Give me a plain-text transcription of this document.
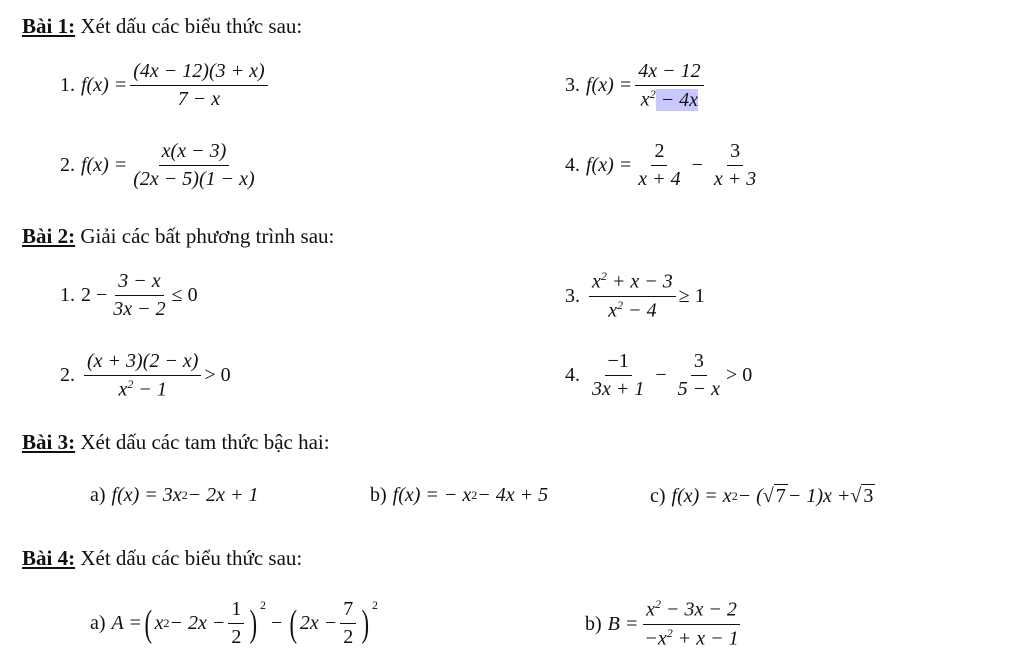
Bài 1: Xét dấu các biểu thức sau:
1. $f(x) = \frac{(4x - 12)(3 + x)}{7 - x}$
2. $f(x) = \frac{x(x - 3)}{(2x - 5)(1 - x)}$
3. $f(x) = \frac{4x - 12}{x^2 - 4x}$
4. $f(x) = \frac{2}{x + 4} - \frac{3}{x + 3}$
Bài 2: Giải các bất phương trình sau:
1. $2 - \frac{3 - x}{3x - 2} \le 0$
2. $\frac{(x + 3)(2 - x)}{x^2 - 1} > 0$
3. $\frac{x^2 + x - 3}{x^2 - 4} \ge 1$
4. $\frac{-1}{3x + 1} - \frac{3}{5 - x} > 0$
Bài 3: Xét dấu các tam thức bậc hai:
a) f(x) = 3x 2 − 2x + 1	b) f(x) = − x 2 − 4x + 5	c) f(x) = x 2 − ( √ 7 − 1)x + √ 3
Bài 4: Xét dấu các biểu thức sau:
a) A = ( x $2 - 2x - \frac{1}{2} )^2$
− ( $2x - \frac{7}{2} )^2$
b) $B = \frac{x^2 - 3x - 2}{-x^2 + x - 1}$
